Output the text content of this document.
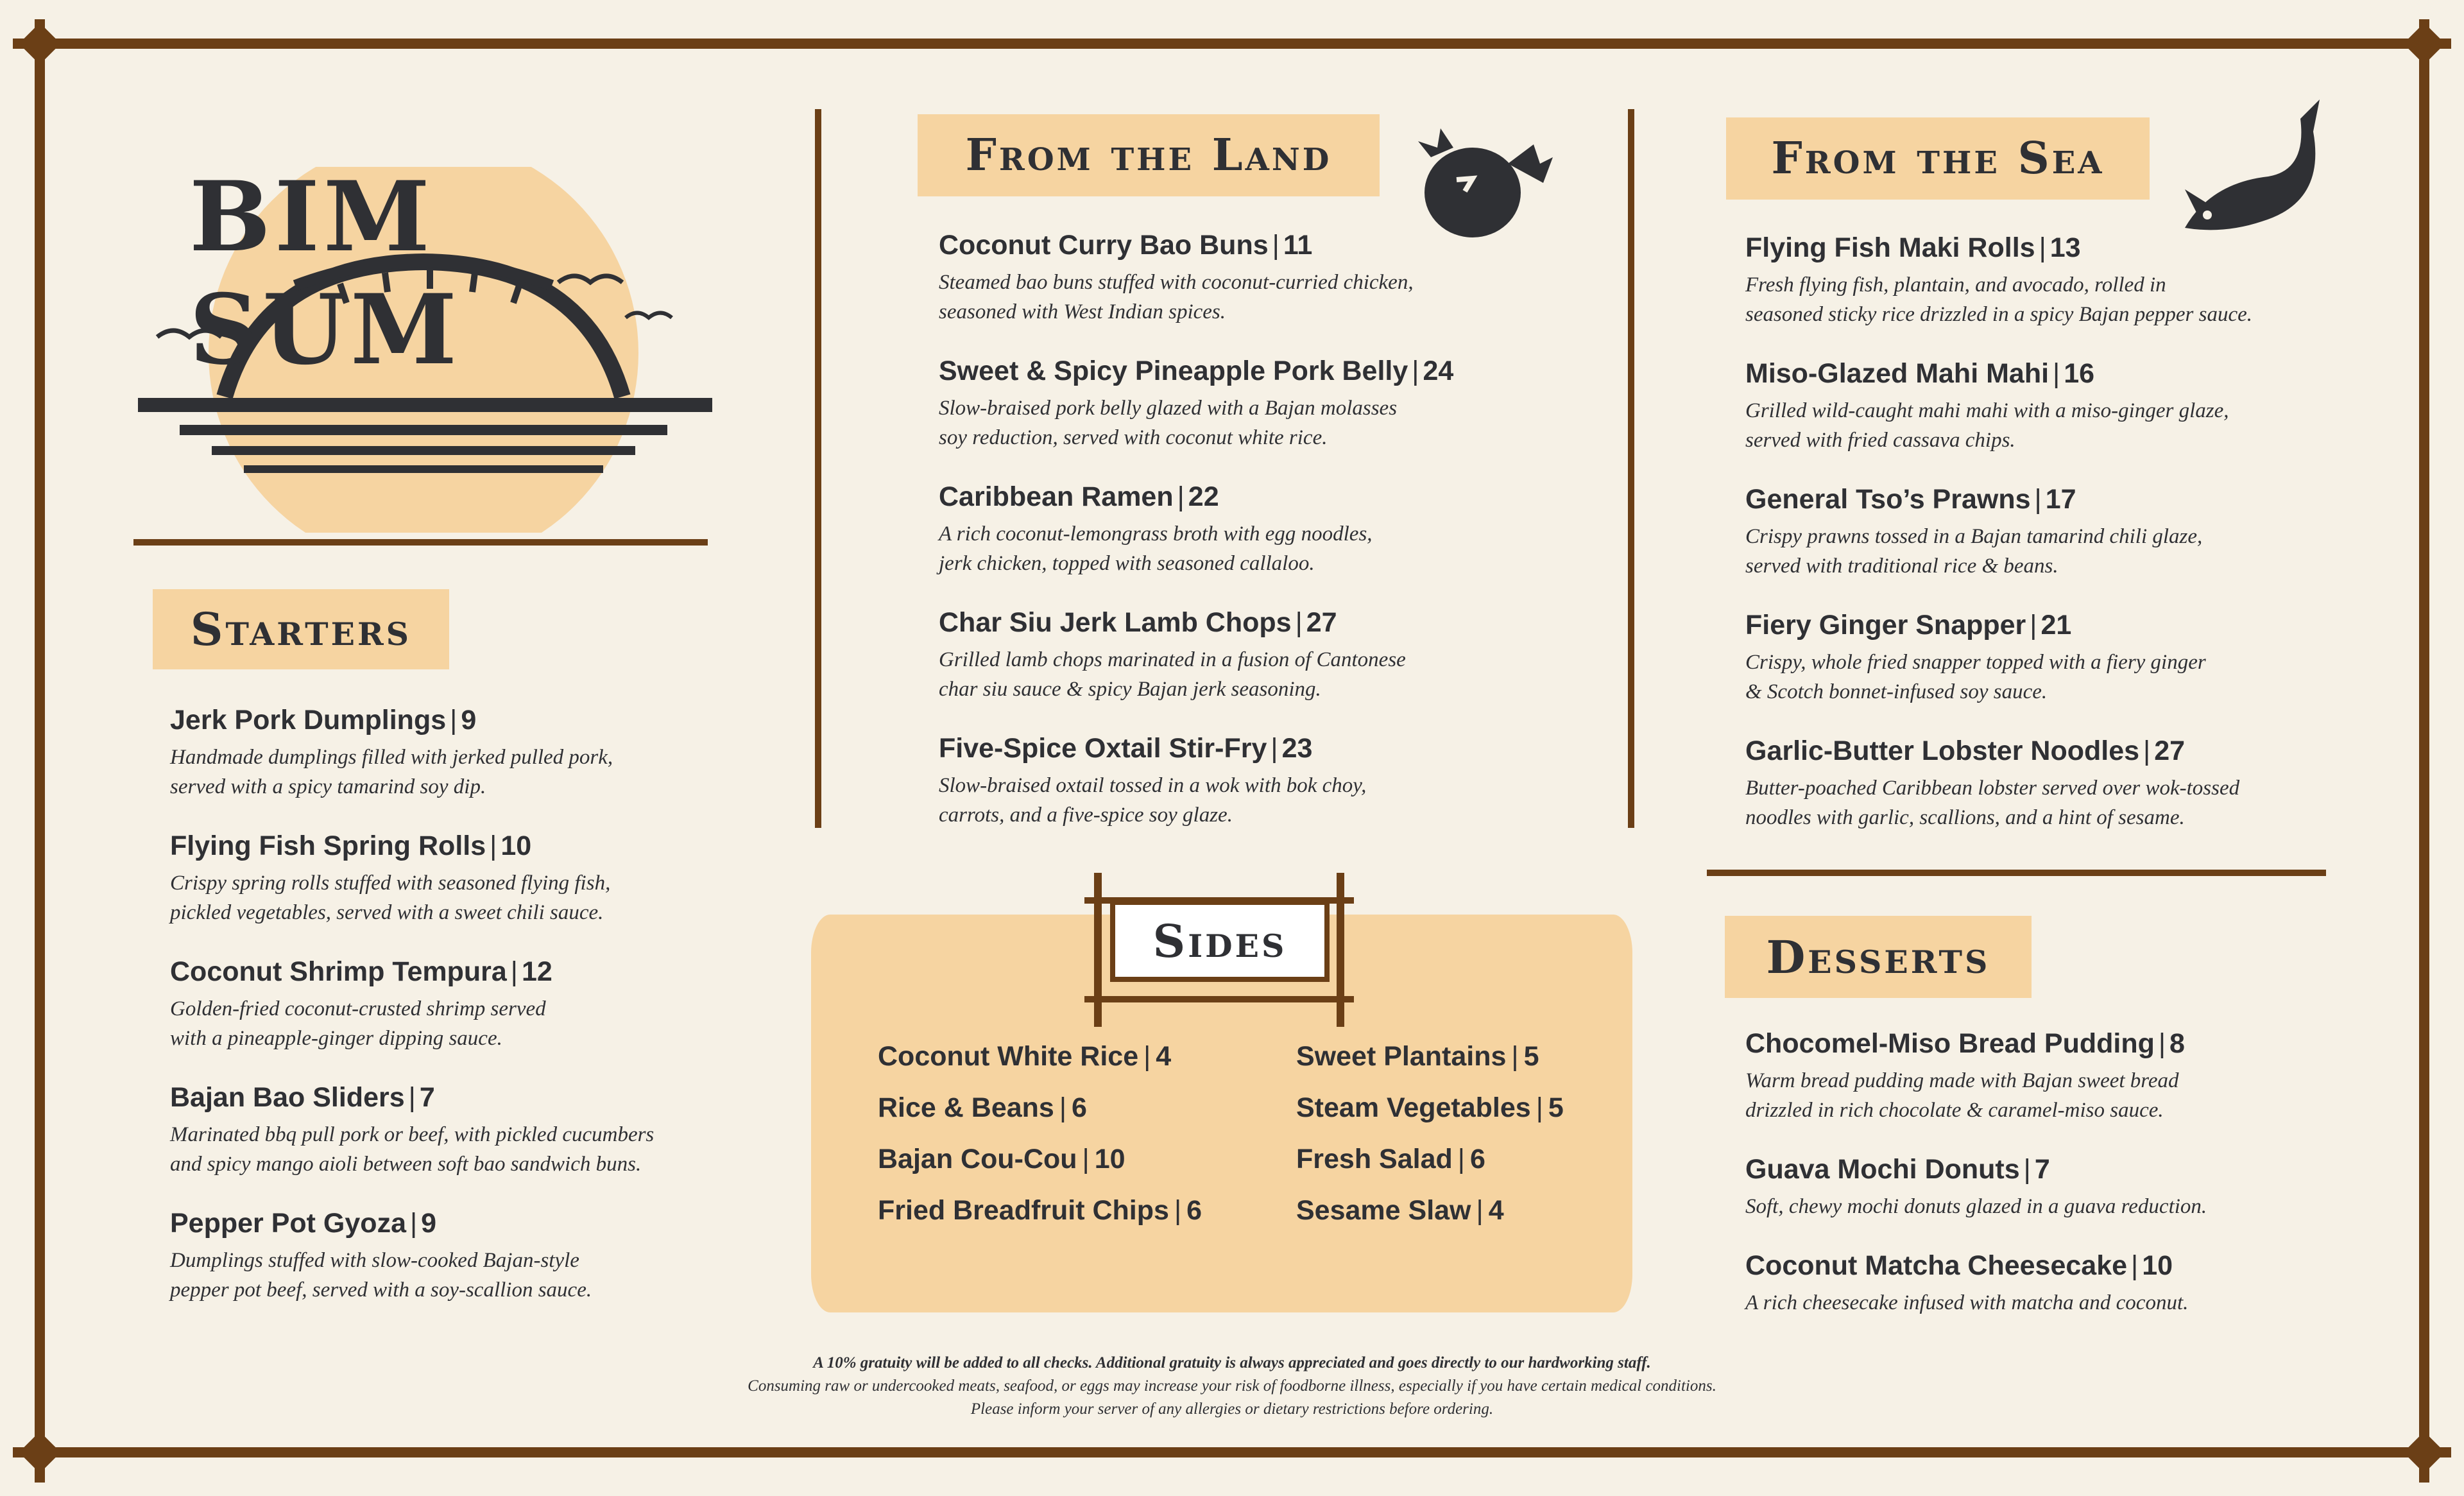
BIM SUM
Starters
Jerk Pork Dumplings | 9
Handmade dumplings filled with jerked pulled pork,
served with a spicy tamarind soy dip.
Flying Fish Spring Rolls | 10
Crispy spring rolls stuffed with seasoned flying fish,
pickled vegetables, served with a sweet chili sauce.
Coconut Shrimp Tempura | 12
Golden-fried coconut-crusted shrimp served
with a pineapple-ginger dipping sauce.
Bajan Bao Sliders | 7
Marinated bbq pull pork or beef, with pickled cucumbers
and spicy mango aioli between soft bao sandwich buns.
Pepper Pot Gyoza | 9
Dumplings stuffed with slow-cooked Bajan-style
pepper pot beef, served with a soy-scallion sauce.
From the Land
Coconut Curry Bao Buns | 11
Steamed bao buns stuffed with coconut-curried chicken,
seasoned with West Indian spices.
Sweet & Spicy Pineapple Pork Belly | 24
Slow-braised pork belly glazed with a Bajan molasses
soy reduction, served with coconut white rice.
Caribbean Ramen | 22
A rich coconut-lemongrass broth with egg noodles,
jerk chicken, topped with seasoned callaloo.
Char Siu Jerk Lamb Chops | 27
Grilled lamb chops marinated in a fusion of Cantonese
char siu sauce & spicy Bajan jerk seasoning.
Five-Spice Oxtail Stir-Fry | 23
Slow-braised oxtail tossed in a wok with bok choy,
carrots, and a five-spice soy glaze.
From the Sea
Flying Fish Maki Rolls | 13
Fresh flying fish, plantain, and avocado, rolled in
seasoned sticky rice drizzled in a spicy Bajan pepper sauce.
Miso-Glazed Mahi Mahi | 16
Grilled wild-caught mahi mahi with a miso-ginger glaze,
served with fried cassava chips.
General Tso’s Prawns | 17
Crispy prawns tossed in a Bajan tamarind chili glaze,
served with traditional rice & beans.
Fiery Ginger Snapper | 21
Crispy, whole fried snapper topped with a fiery ginger
& Scotch bonnet-infused soy sauce.
Garlic-Butter Lobster Noodles | 27
Butter-poached Caribbean lobster served over wok-tossed
noodles with garlic, scallions, and a hint of sesame.
Desserts
Chocomel-Miso Bread Pudding | 8
Warm bread pudding made with Bajan sweet bread
drizzled in rich chocolate & caramel-miso sauce.
Guava Mochi Donuts | 7
Soft, chewy mochi donuts glazed in a guava reduction.
Coconut Matcha Cheesecake | 10
A rich cheesecake infused with matcha and coconut.
Sides
Coconut White Rice | 4
Rice & Beans | 6
Bajan Cou-Cou | 10
Fried Breadfruit Chips | 6
Sweet Plantains | 5
Steam Vegetables | 5
Fresh Salad | 6
Sesame Slaw | 4
A 10% gratuity will be added to all checks. Additional gratuity is always appreciated and goes directly to our hardworking staff.
Consuming raw or undercooked meats, seafood, or eggs may increase your risk of foodborne illness, especially if you have certain medical conditions.
Please inform your server of any allergies or dietary restrictions before ordering.
